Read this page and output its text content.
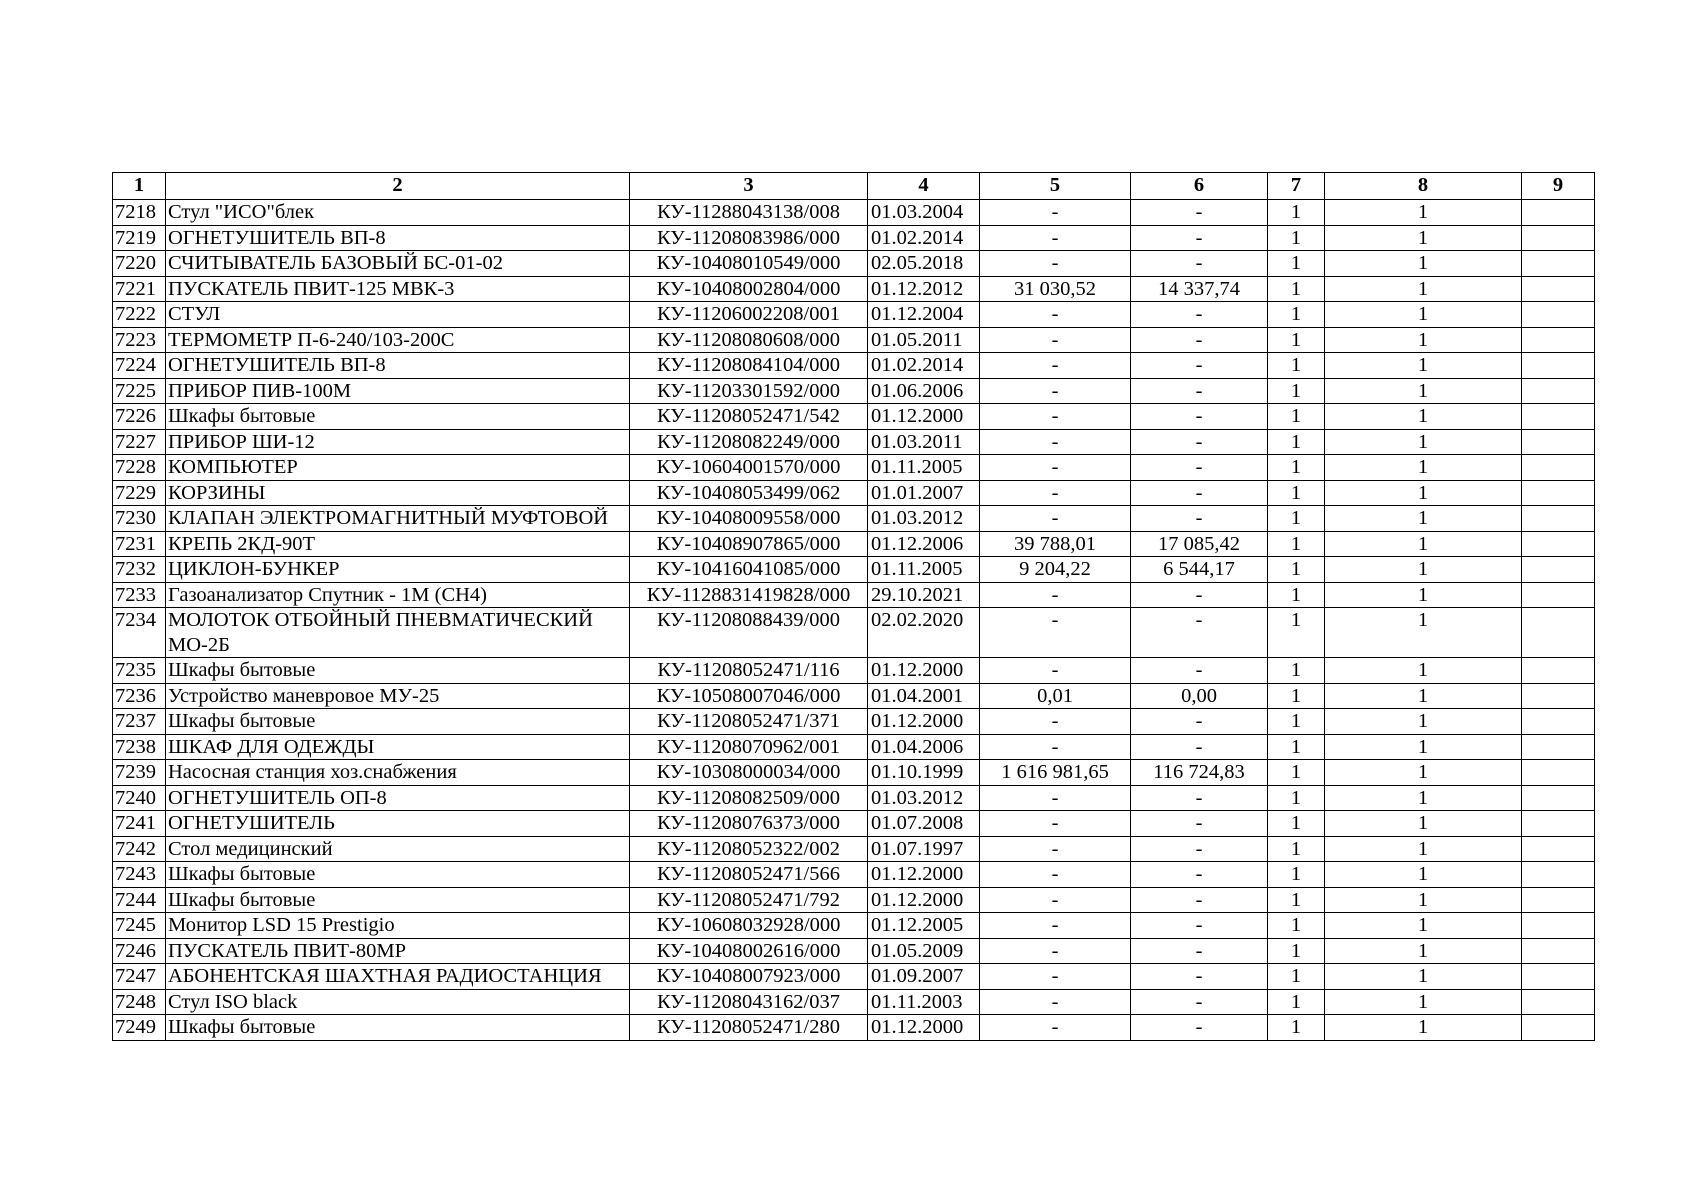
1	2	3	4	5	6	7	8	9
7218	Стул "ИСО"блек	КУ-11288043138/008	01.03.2004	-	-	1	1	
7219	ОГНЕТУШИТЕЛЬ ВП-8	КУ-11208083986/000	01.02.2014	-	-	1	1	
7220	СЧИТЫВАТЕЛЬ БАЗОВЫЙ БС-01-02	КУ-10408010549/000	02.05.2018	-	-	1	1	
7221	ПУСКАТЕЛЬ ПВИТ-125 МВК-3	КУ-10408002804/000	01.12.2012	31 030,52	14 337,74	1	1	
7222	СТУЛ	КУ-11206002208/001	01.12.2004	-	-	1	1	
7223	ТЕРМОМЕТР П-6-240/103-200С	КУ-11208080608/000	01.05.2011	-	-	1	1	
7224	ОГНЕТУШИТЕЛЬ ВП-8	КУ-11208084104/000	01.02.2014	-	-	1	1	
7225	ПРИБОР ПИВ-100М	КУ-11203301592/000	01.06.2006	-	-	1	1	
7226	Шкафы бытовые	КУ-11208052471/542	01.12.2000	-	-	1	1	
7227	ПРИБОР ШИ-12	КУ-11208082249/000	01.03.2011	-	-	1	1	
7228	КОМПЬЮТЕР	КУ-10604001570/000	01.11.2005	-	-	1	1	
7229	КОРЗИНЫ	КУ-10408053499/062	01.01.2007	-	-	1	1	
7230	КЛАПАН ЭЛЕКТРОМАГНИТНЫЙ МУФТОВОЙ	КУ-10408009558/000	01.03.2012	-	-	1	1	
7231	КРЕПЬ 2КД-90Т	КУ-10408907865/000	01.12.2006	39 788,01	17 085,42	1	1	
7232	ЦИКЛОН-БУНКЕР	КУ-10416041085/000	01.11.2005	9 204,22	6 544,17	1	1	
7233	Газоанализатор Спутник - 1М (СН4)	КУ-1128831419828/000	29.10.2021	-	-	1	1	
7234	МОЛОТОК ОТБОЙНЫЙ ПНЕВМАТИЧЕСКИЙ МО-2Б	КУ-11208088439/000	02.02.2020	-	-	1	1	
7235	Шкафы бытовые	КУ-11208052471/116	01.12.2000	-	-	1	1	
7236	Устройство маневровое МУ-25	КУ-10508007046/000	01.04.2001	0,01	0,00	1	1	
7237	Шкафы бытовые	КУ-11208052471/371	01.12.2000	-	-	1	1	
7238	ШКАФ ДЛЯ ОДЕЖДЫ	КУ-11208070962/001	01.04.2006	-	-	1	1	
7239	Насосная станция хоз.снабжения	КУ-10308000034/000	01.10.1999	1 616 981,65	116 724,83	1	1	
7240	ОГНЕТУШИТЕЛЬ ОП-8	КУ-11208082509/000	01.03.2012	-	-	1	1	
7241	ОГНЕТУШИТЕЛЬ	КУ-11208076373/000	01.07.2008	-	-	1	1	
7242	Стол медицинский	КУ-11208052322/002	01.07.1997	-	-	1	1	
7243	Шкафы бытовые	КУ-11208052471/566	01.12.2000	-	-	1	1	
7244	Шкафы бытовые	КУ-11208052471/792	01.12.2000	-	-	1	1	
7245	Монитор LSD 15 Prestigio	КУ-10608032928/000	01.12.2005	-	-	1	1	
7246	ПУСКАТЕЛЬ ПВИТ-80МР	КУ-10408002616/000	01.05.2009	-	-	1	1	
7247	АБОНЕНТСКАЯ ШАХТНАЯ РАДИОСТАНЦИЯ	КУ-10408007923/000	01.09.2007	-	-	1	1	
7248	Стул ISO black	КУ-11208043162/037	01.11.2003	-	-	1	1	
7249	Шкафы бытовые	КУ-11208052471/280	01.12.2000	-	-	1	1	
